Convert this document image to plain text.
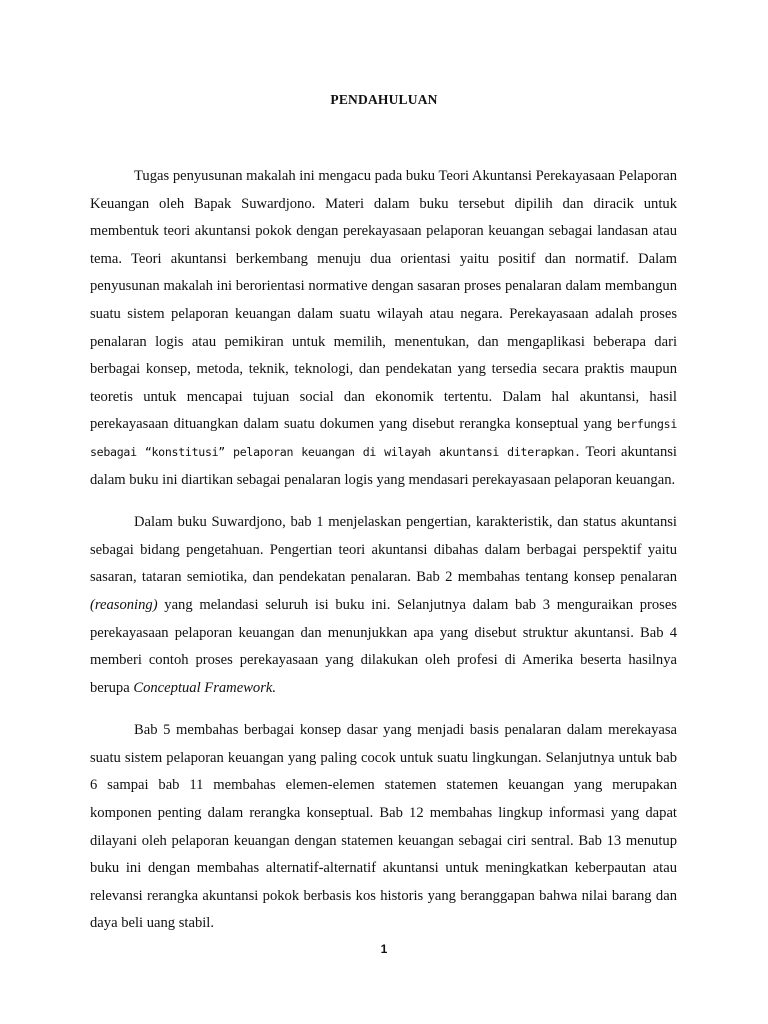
PENDAHULUAN

Tugas penyusunan makalah ini mengacu pada buku Teori Akuntansi Perekayasaan Pelaporan Keuangan oleh Bapak Suwardjono. Materi dalam buku tersebut dipilih dan diracik untuk membentuk teori akuntansi pokok dengan perekayasaan pelaporan keuangan sebagai landasan atau tema. Teori akuntansi berkembang menuju dua orientasi yaitu positif dan normatif. Dalam penyusunan makalah ini berorientasi normative dengan sasaran proses penalaran dalam membangun suatu sistem pelaporan keuangan dalam suatu wilayah atau negara. Perekayasaan adalah proses penalaran logis atau pemikiran untuk memilih, menentukan, dan mengaplikasi beberapa dari berbagai konsep, metoda, teknik, teknologi, dan pendekatan yang tersedia secara praktis maupun teoretis untuk mencapai tujuan social dan ekonomik tertentu. Dalam hal akuntansi, hasil perekayasaan dituangkan dalam suatu dokumen yang disebut rerangka konseptual yang berfungsi sebagai “konstitusi” pelaporan keuangan di wilayah akuntansi diterapkan. Teori akuntansi dalam buku ini diartikan sebagai penalaran logis yang mendasari perekayasaan pelaporan keuangan.

Dalam buku Suwardjono, bab 1 menjelaskan pengertian, karakteristik, dan status akuntansi sebagai bidang pengetahuan. Pengertian teori akuntansi dibahas dalam berbagai perspektif yaitu sasaran, tataran semiotika, dan pendekatan penalaran. Bab 2 membahas tentang konsep penalaran (reasoning) yang melandasi seluruh isi buku ini. Selanjutnya dalam bab 3 menguraikan proses perekayasaan pelaporan keuangan dan menunjukkan apa yang disebut struktur akuntansi. Bab 4 memberi contoh proses perekayasaan yang dilakukan oleh profesi di Amerika beserta hasilnya berupa Conceptual Framework.

Bab 5 membahas berbagai konsep dasar yang menjadi basis penalaran dalam merekayasa suatu sistem pelaporan keuangan yang paling cocok untuk suatu lingkungan. Selanjutnya untuk bab 6 sampai bab 11 membahas elemen-elemen statemen statemen keuangan yang merupakan komponen penting dalam rerangka konseptual. Bab 12 membahas lingkup informasi yang dapat dilayani oleh pelaporan keuangan dengan statemen keuangan sebagai ciri sentral. Bab 13 menutup buku ini dengan membahas alternatif-alternatif akuntansi untuk meningkatkan keberpautan atau relevansi rerangka akuntansi pokok berbasis kos historis yang beranggapan bahwa nilai barang dan daya beli uang stabil.

1
